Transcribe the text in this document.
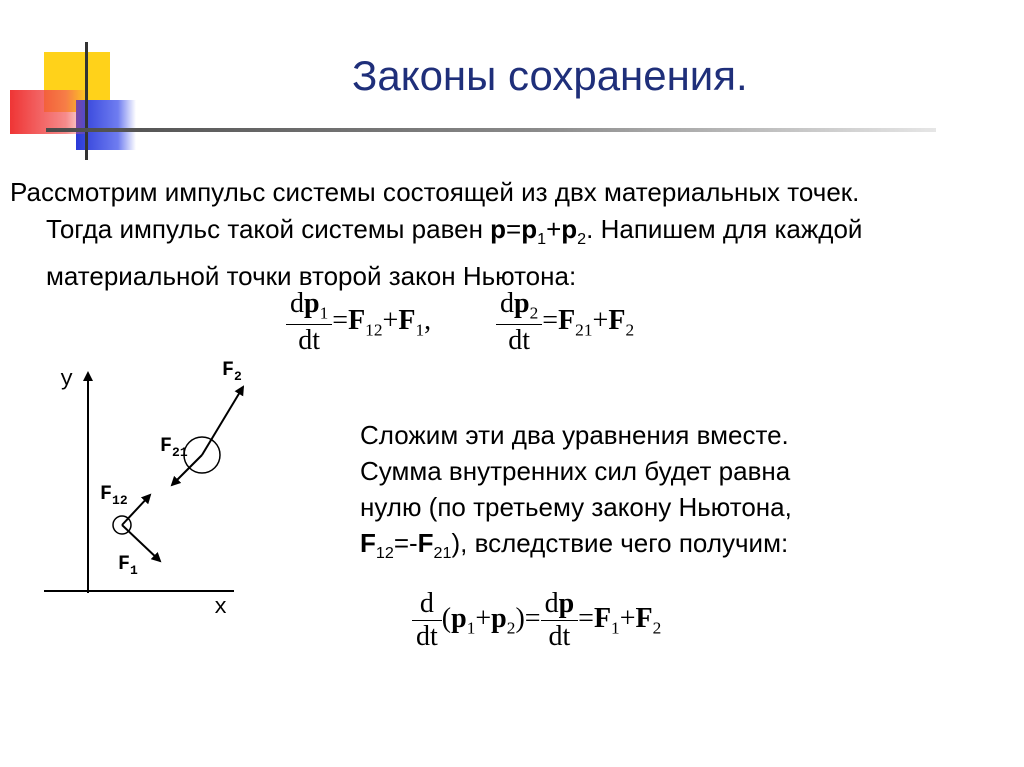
Законы сохранения.
Рассмотрим импульс системы состоящей из двх материальных точек.
Тогда импульс такой системы равен $p=p_1+p_2$. Напишем для каждой
материальной точки второй закон Ньютона:
$\frac{dp_1}{dt} =F_{12}+F_1$, $\frac{dp_2}{dt} =F_{21}+F_2$
y
x
$F_2$
$F_{21}$
$F_{12}$
$F_1$
Сложим эти два уравнения вместе.
Сумма внутренних сил будет равна
нулю (по третьему закону Ньютона,
$F_{12}=-F_{21}$), вследствие чего получим:
$\frac{d}{dt} (p_1+p_2)= \frac{dp}{dt} =F_1+F_2$
